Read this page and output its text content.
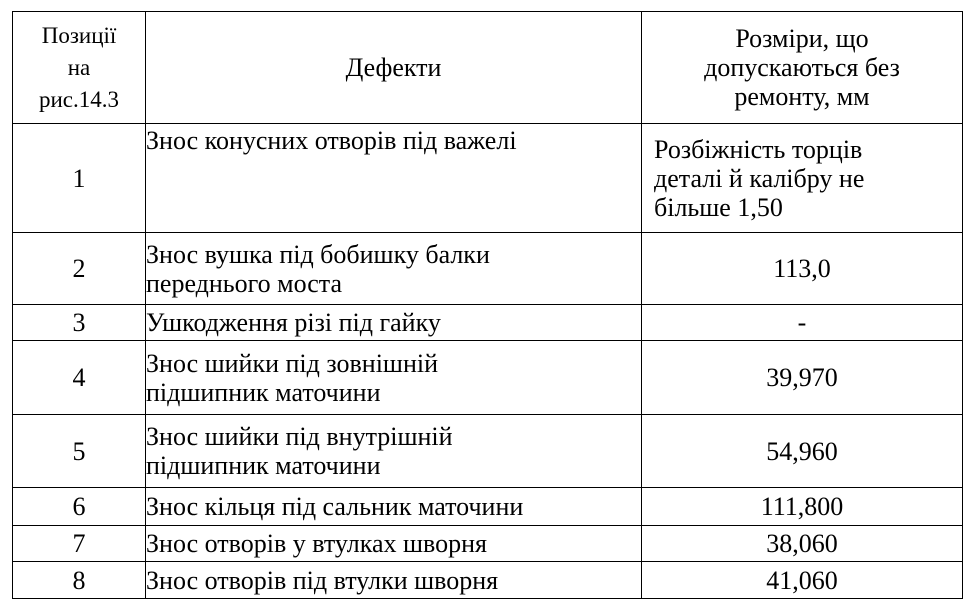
Позиції
на
рис.14.3	Дефекти	Розміри, що
допускаються без
ремонту, мм

1	Знос конусних отворів під важелі	Розбіжність торців
деталі й калібру не
більше 1,50

2	Знос вушка під бобишку балки
переднього моста	113,0
3	Ушкодження різі під гайку	-
4	Знос шийки під зовнішній
підшипник маточини	39,970
5	Знос шийки під внутрішній
підшипник маточини	54,960
6	Знос кільця під сальник маточини	111,800
7	Знос отворів у втулках шворня	38,060
8	Знос отворів під втулки шворня	41,060
